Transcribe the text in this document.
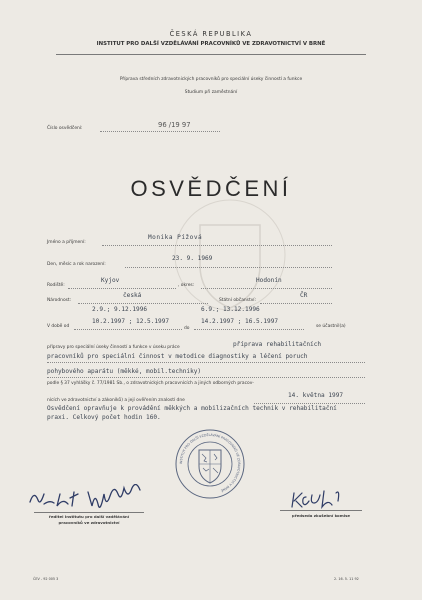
ČESKÁ REPUBLIKA
INSTITUT PRO DALŠÍ VZDĚLÁVÁNÍ PRACOVNÍKŮ VE ZDRAVOTNICTVÍ V BRNĚ
Příprava středních zdravotnických pracovníků pro speciální úseky činností a funkce
Studium při zaměstnání
Číslo osvědčení:	96 /19 97
OSVĚDČENÍ
Jméno a příjmení:
Monika Pížová
Den, měsíc a rok narození:
23. 9. 1969
Rodiště:
Kyjov
, okres:
Hodonín
Národnost:
česká
Státní občanství:
ČR
2.9.; 9.12.1996	6.9.; 13.12.1996
V době od
10.2.1997 ; 12.5.1997
do
14.2.1997 ; 16.5.1997
se účastnil(a)
přípravy pro speciální úseky činností a funkce v úseku práce	příprava rehabilitačních
pracovníků pro speciální činnost v metodice diagnostiky a léčení poruch
pohybového aparátu (měkké, mobil.techniky)
podle § 37 vyhlášky č. 77/1981 Sb., o zdravotnických pracovnících a jiných odborných pracov-
nících ve zdravotnictví a zákoníků) a její ověřením znalostí dne
14. května 1997
Osvědčení opravňuje k provádění měkkých a mobilizačních technik v rehabilitační
praxi. Celkový počet hodin 160.
INSTITUT PRO DALŠÍ VZDĚLÁVÁNÍ PRACOVNÍKŮ VE ZDRAVOTNICTVÍ V BRNĚ
ředitel Institutu pro další vzdělávání
pracovníků ve zdravotnictví
předseda zkušební komise
ČEV - 92 005 3	2. 16. 5. 11 92
